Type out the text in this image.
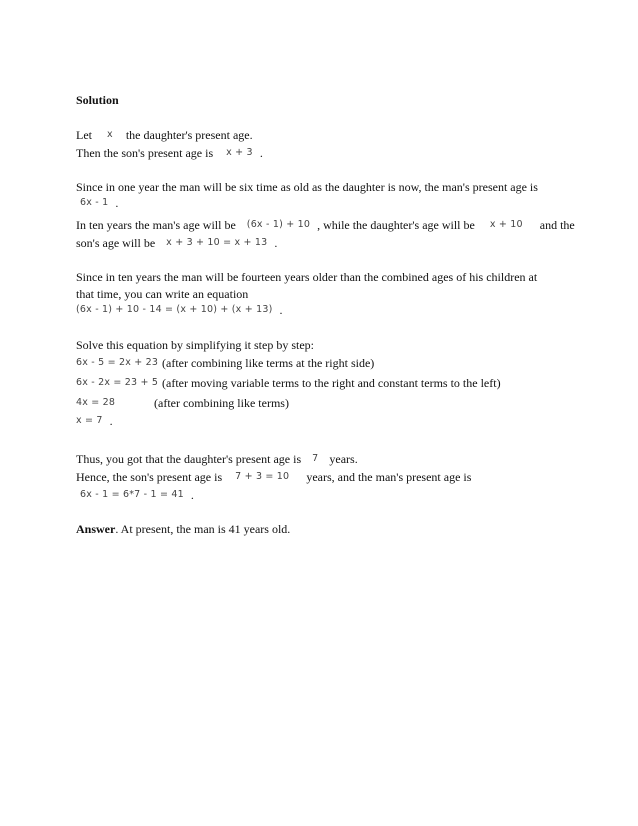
Solution
Let x the daughter's present age.
Then the son's present age is x + 3 .
Since in one year the man will be six time as old as the daughter is now, the man's present age is
6x - 1 .
In ten years the man's age will be (6x - 1) + 10 , while the daughter's age will be x + 10 and the
son's age will be x + 3 + 10 = x + 13 .
Since in ten years the man will be fourteen years older than the combined ages of his children at
that time, you can write an equation
(6x - 1) + 10 - 14 = (x + 10) + (x + 13) .
Solve this equation by simplifying it step by step:
6x - 5 = 2x + 23 (after combining like terms at the right side)
6x - 2x = 23 + 5 (after moving variable terms to the right and constant terms to the left)
4x = 28	(after combining like terms)
x = 7 .
Thus, you got that the daughter's present age is 7 years.
Hence, the son's present age is 7 + 3 = 10 years, and the man's present age is
6x - 1 = 6*7 - 1 = 41 .
Answer. At present, the man is 41 years old.
